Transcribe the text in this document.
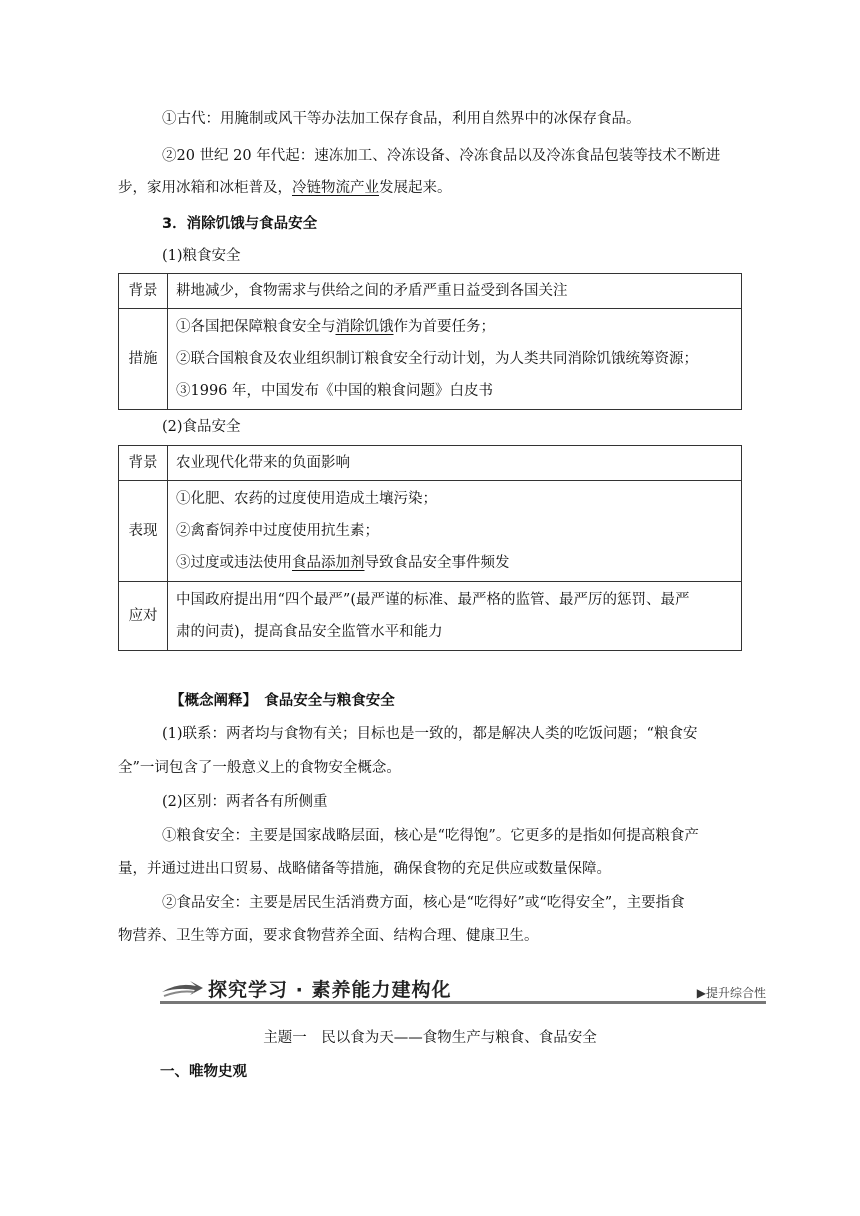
①古代：用腌制或风干等办法加工保存食品，利用自然界中的冰保存食品。
②20 世纪 20 年代起：速冻加工、冷冻设备、冷冻食品以及冷冻食品包装等技术不断进
步，家用冰箱和冰柜普及，冷链物流产业发展起来。
3．消除饥饿与食品安全
(1)粮食安全
背景	耕地减少，食物需求与供给之间的矛盾严重日益受到各国关注
措施	①各国把保障粮食安全与消除饥饿作为首要任务；
②联合国粮食及农业组织制订粮食安全行动计划，为人类共同消除饥饿统筹资源；
③1996 年，中国发布《中国的粮食问题》白皮书
(2)食品安全
背景	农业现代化带来的负面影响
表现	①化肥、农药的过度使用造成土壤污染；
②禽畜饲养中过度使用抗生素；
③过度或违法使用食品添加剂导致食品安全事件频发

应对	中国政府提出用“四个最严”(最严谨的标准、最严格的监管、最严厉的惩罚、最严
肃的问责)，提高食品安全监管水平和能力
【概念阐释】　食品安全与粮食安全
(1)联系：两者均与食物有关；目标也是一致的，都是解决人类的吃饭问题；“粮食安
全”一词包含了一般意义上的食物安全概念。
(2)区别：两者各有所侧重
①粮食安全：主要是国家战略层面，核心是“吃得饱”。它更多的是指如何提高粮食产
量，并通过进出口贸易、战略储备等措施，确保食物的充足供应或数量保障。
②食品安全：主要是居民生活消费方面，核心是“吃得好”或“吃得安全”，主要指食
物营养、卫生等方面，要求食物营养全面、结构合理、健康卫生。
探究学习 · 素养能力建构化	▶提升综合性
主题一　民以食为天——食物生产与粮食、食品安全
一、唯物史观
